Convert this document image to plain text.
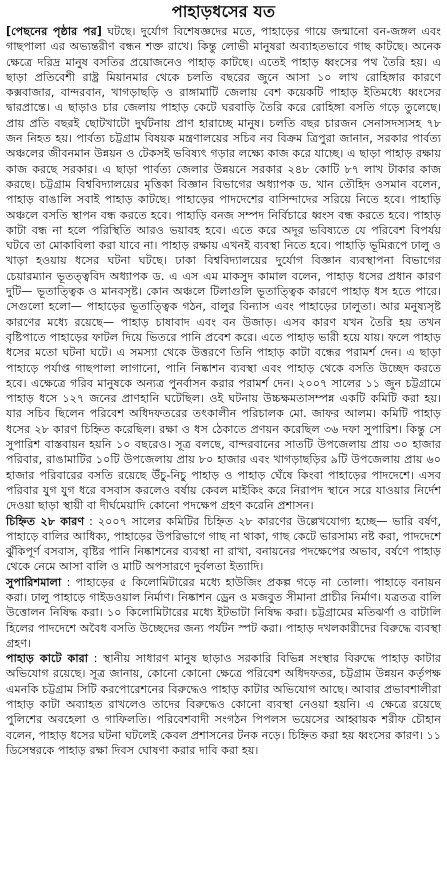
পাহাড়ধসের যত

[পেছনের পৃষ্ঠার পর] ঘটছে। দুর্যোগ বিশেষজ্ঞদের মতে, পাহাড়ের গায়ে জন্মানো বন-জঙ্গল এবং গাছপালা এর অভ্যন্তরীণ বন্ধন শক্ত রাখে। কিন্তু লোভী মানুষরা অব্যাহতভাবে গাছ কাটছে। অনেক ক্ষেত্রে দরিদ্র মানুষ বসতির প্রয়োজনেও পাহাড় কাটছে। এতেই পাহাড় ধ্বংসের পথ তৈরি হয়। এ ছাড়া প্রতিবেশী রাষ্ট্র মিয়ানমার থেকে চলতি বছরের জুনে আসা ১০ লাখ রোহিঙ্গার কারণে কক্সবাজার, বান্দরবান, খাগড়াছড়ি ও রাঙ্গামাটি জেলায় বেশ কয়েকটি পাহাড় ইতিমধ্যে ধ্বংসের দ্বারপ্রান্তে। এ ছাড়াও চার জেলায় পাহাড় কেটে ঘরবাড়ি তৈরি করে রোহিঙ্গা বসতি গড়ে তুলেছে। প্রায় প্রতি বছরই ছোটখাটো দুর্ঘটনায় প্রাণ হারাচ্ছে মানুষ। চলতি বছর চারজন সেনাসদস্যসহ ৭৮ জন নিহত হয়। পার্বত্য চট্টগ্রাম বিষয়ক মন্ত্রণালয়ের সচিব নব বিক্রম ত্রিপুরা জানান, সরকার পার্বত্য অঞ্চলের জীবনমান উন্নয়ন ও টেকসই ভবিষ্যৎ গড়ার লক্ষ্যে কাজ করে যাচ্ছে। এ ছাড়া পাহাড় রক্ষায় কাজ করছে সরকার। এ ছাড়া পার্বত্য জেলার উন্নয়নে সরকার ২৪৮ কোটি ৮৭ লাখ টাকার কাজ করছে। চট্টগ্রাম বিশ্ববিদ্যালয়ের মৃত্তিকা বিজ্ঞান বিভাগের অধ্যাপক ড. খান তৌহিদ ওসমান বলেন, পাহাড় বাঙালি সবাই পাহাড় কাটছে। পাহাড়ের পাদদেশের বাসিন্দাদের সরিয়ে নিতে হবে। পাহাড়ি অঞ্চলে বসতি স্থাপন বন্ধ করতে হবে। পাহাড়ি বনজ সম্পদ নির্বিচারে ধ্বংস বন্ধ করতে হবে। পাহাড় কাটা বন্ধ না হলে পরিস্থিতি আরও ভয়াবহ হবে। এতে করে অদূর ভবিষ্যতে যে পরিবেশ বিপর্যয় ঘটবে তা মোকাবিলা করা যাবে না। পাহাড় রক্ষায় এখনই ব্যবস্থা নিতে হবে। পাহাড়ি ভূমিরূপে ঢালু ও খাড়া হওয়ায় ধসের ঘটনা ঘটছে। ঢাকা বিশ্ববিদ্যালয়ের দুর্যোগ বিজ্ঞান ব্যবস্থাপনা বিভাগের চেয়ারম্যান ভূতত্ত্ববিদ অধ্যাপক ড. এ এস এম মাকসুদ কামাল বলেন, পাহাড় ধসের প্রধান কারণ দুটি— ভূতাত্ত্বিক ও মানবসৃষ্ট। কোন অঞ্চলে টিলাগুলি ভূতাত্ত্বিক কারণে পাহাড় ধস হতে পারে। সেগুলো হলো— পাহাড়ের ভূতাত্ত্বিক গঠন, বালুর বিন্যাস এবং পাহাড়ের ঢালুতা। আর মনুষ্যসৃষ্ট কারণের মধ্যে রয়েছে— পাহাড় চাষাবাদ এবং বন উজাড়। এসব কারণ যখন তৈরি হয় তখন বৃষ্টিপাতে পাহাড়ের ফাটল দিয়ে ভিতরে পানি প্রবেশ করে। এতে পাহাড় ভারী হয়ে যায়। ফলে পাহাড় ধসের মতো ঘটনা ঘটে। এ সমস্যা থেকে উত্তরণে তিনি পাহাড় কাটা বন্ধের পরামর্শ দেন। এ ছাড়া পাহাড়ে পর্যাপ্ত গাছপালা লাগানো, পানি নিষ্কাশন ব্যবস্থা এবং পাহাড় থেকে বসতি উচ্ছেদ করতে হবে। এক্ষেত্রে গরিব মানুষকে অন্যত্র পুনর্বাসন করার পরামর্শ দেন। ২০০৭ সালের ১১ জুন চট্টগ্রামে পাহাড় ধসে ১২৭ জনের প্রাণহানি ঘটেছিল। ওই ঘটনায় উচ্চক্ষমতাসম্পন্ন একটি কমিটি করা হয়। যার সচিব ছিলেন পরিবেশ অধিদফতরের তৎকালীন পরিচালক মো. জাফর আলম। কমিটি পাহাড় ধসের ২৮ কারণ চিহ্নিত করেছিল। রক্ষা ও ধস ঠেকাতে প্রণয়ন করেছিল ৩৬ দফা সুপারিশ। কিন্তু সে সুপারিশ বাস্তবায়ন হয়নি ১০ বছরেও। সূত্র বলছে, বান্দরবানের সাতটি উপজেলায় প্রায় ৩০ হাজার পরিবার, রাঙামাটির ১০টি উপজেলায় প্রায় ৮০ হাজার এবং খাগড়াছড়ির ৯টি উপজেলায় প্রায় ৬০ হাজার পরিবারের বসতি রয়েছে উঁচু-নিচু পাহাড় ও পাহাড় ঘেঁষে কিংবা পাহাড়ের পাদদেশে। এসব পরিবার যুগ যুগ ধরে বসবাস করলেও বর্ষায় কেবল মাইকিং করে নিরাপদ স্থানে সরে যাওয়ার নির্দেশ দেওয়া ছাড়া স্থায়ী বা দীর্ঘমেয়াদি কোনো পদক্ষেপ গ্রহণ করেনি প্রশাসন।

চিহ্নিত ২৮ কারণ : ২০০৭ সালের কমিটির চিহ্নিত ২৮ কারণের উল্লেখযোগ্য হচ্ছে— ভারি বর্ষণ, পাহাড়ে বালির আধিক্য, পাহাড়ের উপরিভাগে গাছ না থাকা, গাছ কেটে ভারসাম্য নষ্ট করা, পাদদেশে ঝুঁকিপূর্ণ বসবাস, বৃষ্টির পানি নিষ্কাশনের ব্যবস্থা না রাখা, বনায়নের পদক্ষেপের অভাব, বর্ষণে পাহাড় থেকে নেমে আসা বালি ও মাটি অপসারণে দুর্বলতা ইত্যাদি।

সুপারিশমালা : পাহাড়ের ৫ কিলোমিটারের মধ্যে হাউজিং প্রকল্প গড়ে না তোলা। পাহাড়ে বনায়ন করা। ঢালু পাহাড়ে গাইডওয়াল নির্মাণ। নিষ্কাশন ড্রেন ও মজবুত সীমানা প্রাচীর নির্মাণ। যত্রতত্র বালি উত্তোলন নিষিদ্ধ করা। ১০ কিলোমিটারের মধ্যে ইটভাটা নিষিদ্ধ করা। চট্টগ্রামের মতিঝর্ণা ও বাটালি হিলের পাদদেশে অবৈধ বসতি উচ্ছেদের জন্য পর্যটন স্পট করা। পাহাড় দখলকারীদের বিরুদ্ধে ব্যবস্থা গ্রহণ।

পাহাড় কাটে কারা : স্থানীয় সাধারণ মানুষ ছাড়াও সরকারি বিভিন্ন সংস্থার বিরুদ্ধে পাহাড় কাটার অভিযোগ রয়েছে। সূত্র জানায়, কোনো কোনো ক্ষেত্রে পরিবেশ অধিদফতর, চট্টগ্রাম উন্নয়ন কর্তৃপক্ষ এমনকি চট্টগ্রাম সিটি করপোরেশনের বিরুদ্ধেও পাহাড় কাটার অভিযোগ আছে। আবার প্রভাবশালীরা পাহাড় কাটা অব্যাহত রাখলেও তাদের বিরুদ্ধেও কোনো ব্যবস্থা নেওয়া হয়নি। এ ক্ষেত্রে রয়েছে পুলিশের অবহেলা ও গাফিলতি। পরিবেশবাদী সংগঠন পিপলস ভয়েসের আহ্বায়ক শরীফ চৌহান বলেন, পাহাড় ধসের ঘটনা ঘটলেই কেবল প্রশাসনের টনক নড়ে। চিহ্নিত করা হয় ধ্বংসের কারণ। ১১ ডিসেম্বরকে পাহাড় রক্ষা দিবস ঘোষণা করার দাবি করা হয়।
